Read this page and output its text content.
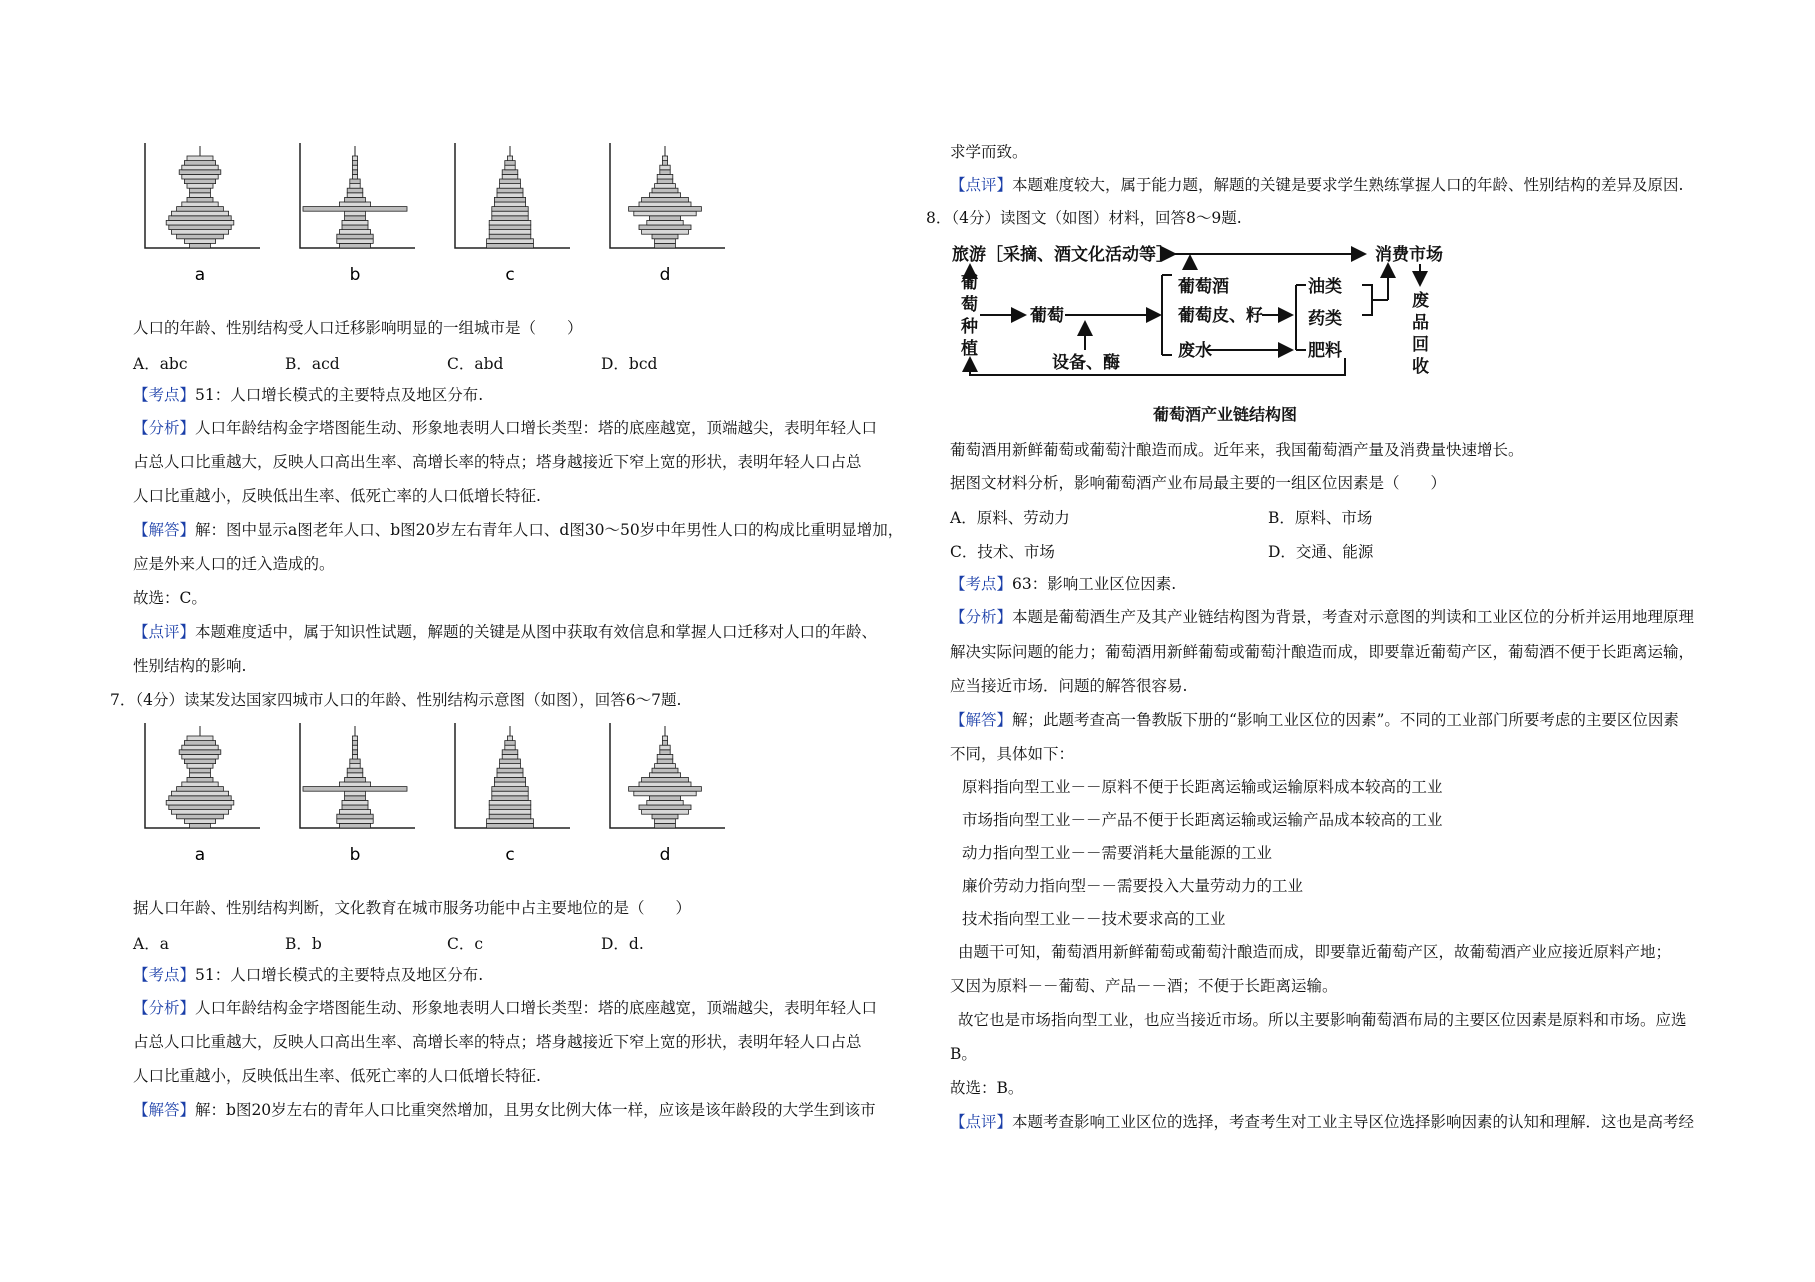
a	b	c	d
人口的年龄、性别结构受人口迁移影响明显的一组城市是（　　）
A．abc	B．acd	C．abd	D．bcd
【考点】51：人口增长模式的主要特点及地区分布.
【分析】人口年龄结构金字塔图能生动、形象地表明人口增长类型：塔的底座越宽，顶端越尖，表明年轻人口
占总人口比重越大，反映人口高出生率、高增长率的特点；塔身越接近下窄上宽的形状，表明年轻人口占总
人口比重越小，反映低出生率、低死亡率的人口低增长特征.
【解答】解：图中显示a图老年人口、b图20岁左右青年人口、d图30～50岁中年男性人口的构成比重明显增加，
应是外来人口的迁入造成的。
故选：C。
【点评】本题难度适中，属于知识性试题，解题的关键是从图中获取有效信息和掌握人口迁移对人口的年龄、
性别结构的影响.
7．（4分）读某发达国家四城市人口的年龄、性别结构示意图（如图），回答6～7题.
a	b	c	d
据人口年龄、性别结构判断，文化教育在城市服务功能中占主要地位的是（　　）
A．a	B．b	C．c	D．d.
【考点】51：人口增长模式的主要特点及地区分布.
【分析】人口年龄结构金字塔图能生动、形象地表明人口增长类型：塔的底座越宽，顶端越尖，表明年轻人口
占总人口比重越大，反映人口高出生率、高增长率的特点；塔身越接近下窄上宽的形状，表明年轻人口占总
人口比重越小，反映低出生率、低死亡率的人口低增长特征.
【解答】解：b图20岁左右的青年人口比重突然增加，且男女比例大体一样，应该是该年龄段的大学生到该市
求学而致。
【点评】本题难度较大，属于能力题，解题的关键是要求学生熟练掌握人口的年龄、性别结构的差异及原因.
8．（4分）读图文（如图）材料，回答8～9题.
旅游［采摘、酒文化活动等］	消费市场
葡萄
葡萄酒
葡萄皮、籽
废水
设备、酶
油类
药类
肥料
葡
萄
种
植
废
品
回
收
葡萄酒产业链结构图
葡萄酒用新鲜葡萄或葡萄汁酿造而成。近年来，我国葡萄酒产量及消费量快速增长。
据图文材料分析，影响葡萄酒产业布局最主要的一组区位因素是（　　）
A．原料、劳动力	B．原料、市场
C．技术、市场	D．交通、能源
【考点】63：影响工业区位因素.
【分析】本题是葡萄酒生产及其产业链结构图为背景，考查对示意图的判读和工业区位的分析并运用地理原理
解决实际问题的能力；葡萄酒用新鲜葡萄或葡萄汁酿造而成，即要靠近葡萄产区，葡萄酒不便于长距离运输，
应当接近市场．问题的解答很容易.
【解答】解；此题考查高一鲁教版下册的“影响工业区位的因素”。不同的工业部门所要考虑的主要区位因素
不同，具体如下：
原料指向型工业－－原料不便于长距离运输或运输原料成本较高的工业
市场指向型工业－－产品不便于长距离运输或运输产品成本较高的工业
动力指向型工业－－需要消耗大量能源的工业
廉价劳动力指向型－－需要投入大量劳动力的工业
技术指向型工业－－技术要求高的工业
由题干可知，葡萄酒用新鲜葡萄或葡萄汁酿造而成，即要靠近葡萄产区，故葡萄酒产业应接近原料产地；
又因为原料－－葡萄、产品－－酒；不便于长距离运输。
故它也是市场指向型工业，也应当接近市场。所以主要影响葡萄酒布局的主要区位因素是原料和市场。应选
B。
故选：B。
【点评】本题考查影响工业区位的选择，考查考生对工业主导区位选择影响因素的认知和理解．这也是高考经
